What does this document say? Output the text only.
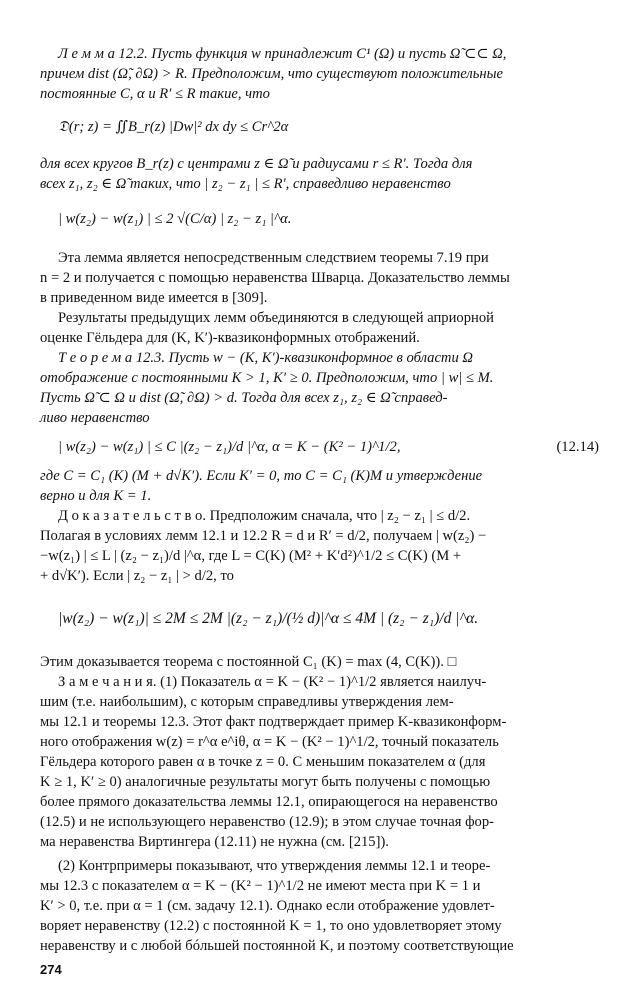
Л е м м а 12.2. Пусть функция w принадлежит C¹ (Ω) и пусть Ω̃ ⊂⊂ Ω,

причем dist (Ω̃, ∂Ω) > R. Предположим, что существуют положительные

постоянные C, α и R′ ≤ R такие, что

𝔇(r; z) = ∬B_r(z) |Dw|² dx dy ≤ Cr^2α

для всех кругов B_r(z) с центрами z ∈ Ω̃ и радиусами r ≤ R′. Тогда для

всех z₁, z₂ ∈ Ω̃ таких, что | z₂ − z₁ | ≤ R′, справедливо неравенство

| w(z₂) − w(z₁) | ≤ 2 √(C/α) | z₂ − z₁ |^α.

Эта лемма является непосредственным следствием теоремы 7.19 при

n = 2 и получается с помощью неравенства Шварца. Доказательство леммы

в приведенном виде имеется в [309].

Результаты предыдущих лемм объединяются в следующей априорной

оценке Гёльдера для (K, K′)-квазиконформных отображений.

Т е о р е м а 12.3. Пусть w − (K, K′)-квазиконформное в области Ω

отображение с постоянными K > 1, K′ ≥ 0. Предположим, что | w| ≤ M.

Пусть Ω̃ ⊂ Ω и dist (Ω̃, ∂Ω) > d. Тогда для всех z₁, z₂ ∈ Ω̃ справед-

ливо неравенство

| w(z₂) − w(z₁) | ≤ C |(z₂ − z₁)/d |^α, α = K − (K² − 1)^1/2,	(12.14)

где C = C₁ (K) (M + d√K′). Если K′ = 0, то C = C₁ (K)M и утверждение

верно и для K = 1.

Д о к а з а т е л ь с т в о. Предположим сначала, что | z₂ − z₁ | ≤ d/2.

Полагая в условиях лемм 12.1 и 12.2 R = d и R′ = d/2, получаем | w(z₂) −

−w(z₁) | ≤ L | (z₂ − z₁)/d |^α, где L = C(K) (M² + K′d²)^1/2 ≤ C(K) (M +

+ d√K′). Если | z₂ − z₁ | > d/2, то

|w(z₂) − w(z₁)| ≤ 2M ≤ 2M |(z₂ − z₁)/(½ d)|^α ≤ 4M | (z₂ − z₁)/d |^α.

Этим доказывается теорема с постоянной C₁ (K) = max (4, C(K)). □

З а м е ч а н и я. (1) Показатель α = K − (K² − 1)^1/2 является наилуч-

шим (т.е. наибольшим), с которым справедливы утверждения лем-

мы 12.1 и теоремы 12.3. Этот факт подтверждает пример K-квазиконформ-

ного отображения w(z) = r^α e^iθ, α = K − (K² − 1)^1/2, точный показатель

Гёльдера которого равен α в точке z = 0. С меньшим показателем α (для

K ≥ 1, K′ ≥ 0) аналогичные результаты могут быть получены с помощью

более прямого доказательства леммы 12.1, опирающегося на неравенство

(12.5) и не использующего неравенство (12.9); в этом случае точная фор-

ма неравенства Виртингера (12.11) не нужна (см. [215]).

(2) Контрпримеры показывают, что утверждения леммы 12.1 и теоре-

мы 12.3 с показателем α = K − (K² − 1)^1/2 не имеют места при K = 1 и

K′ > 0, т.е. при α = 1 (см. задачу 12.1). Однако если отображение удовлет-

воряет неравенству (12.2) с постоянной K = 1, то оно удовлетворяет этому

неравенству и с любой бóльшей постоянной K, и поэтому соответствующие

274
